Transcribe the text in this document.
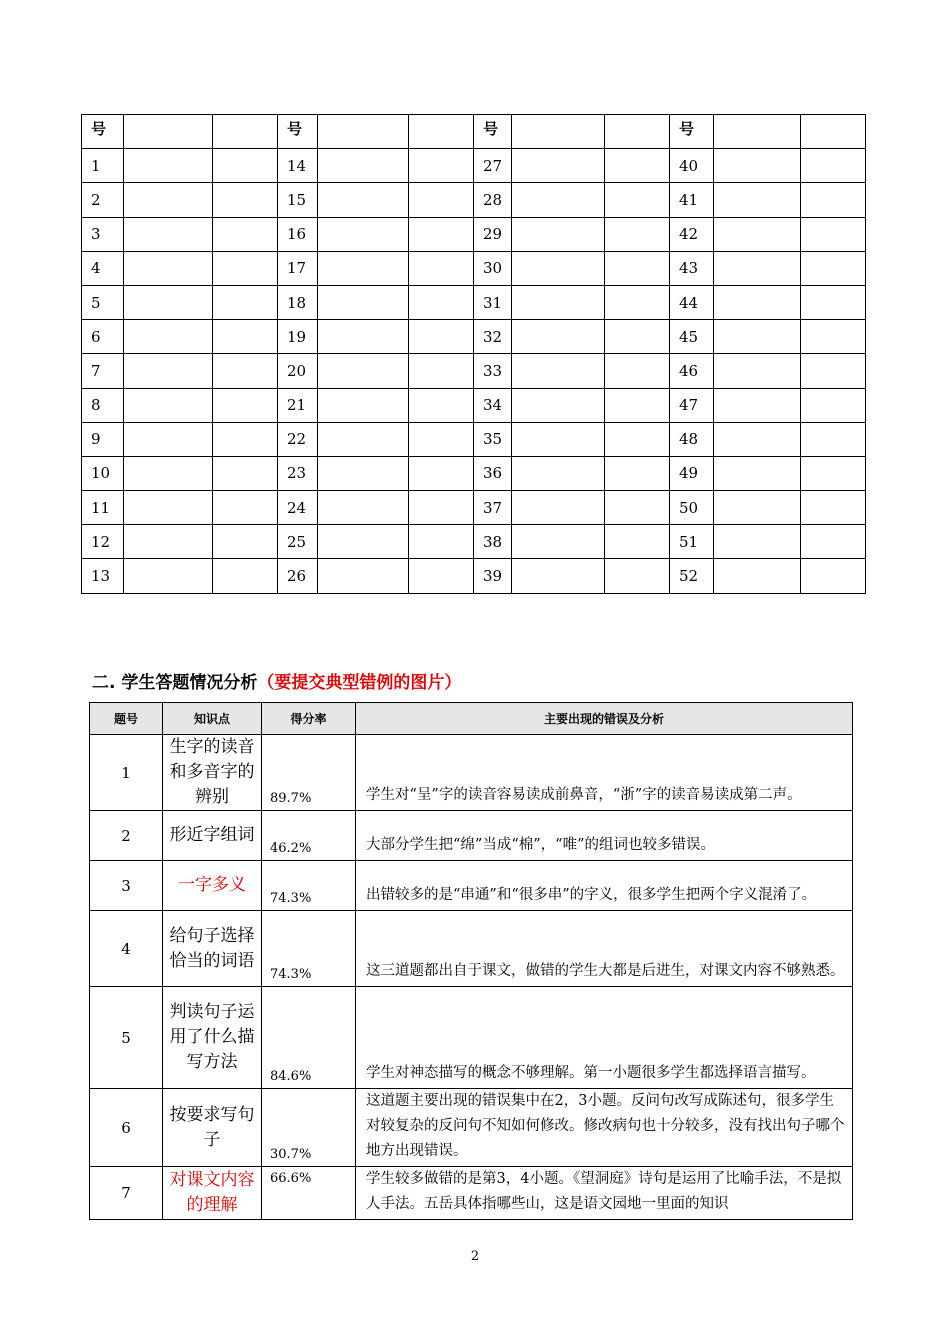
号			号			号			号		
1			14			27			40		
2			15			28			41		
3			16			29			42		
4			17			30			43		
5			18			31			44		
6			19			32			45		
7			20			33			46		
8			21			34			47		
9			22			35			48		
10			23			36			49		
11			24			37			50		
12			25			38			51		
13			26			39			52		
二. 学生答题情况分析（要提交典型错例的图片）
题号	知识点	得分率	主要出现的错误及分析
1	生字的读音和多音字的辨别	89.7%	学生对“呈”字的读音容易读成前鼻音，“浙”字的读音易读成第二声。
2	形近字组词	46.2%	大部分学生把“绵”当成“棉”，“唯”的组词也较多错误。
3	一字多义	74.3%	出错较多的是“串通”和“很多串”的字义，很多学生把两个字义混淆了。
4	给句子选择恰当的词语	74.3%	这三道题都出自于课文，做错的学生大都是后进生，对课文内容不够熟悉。
5	判读句子运用了什么描写方法	84.6%	学生对神态描写的概念不够理解。第一小题很多学生都选择语言描写。
6	按要求写句子	30.7%	这道题主要出现的错误集中在2，3小题。反问句改写成陈述句，很多学生对较复杂的反问句不知如何修改。修改病句也十分较多，没有找出句子哪个地方出现错误。
7	对课文内容的理解	66.6%	学生较多做错的是第3，4小题。《望洞庭》诗句是运用了比喻手法，不是拟人手法。五岳具体指哪些山，这是语文园地一里面的知识
2
